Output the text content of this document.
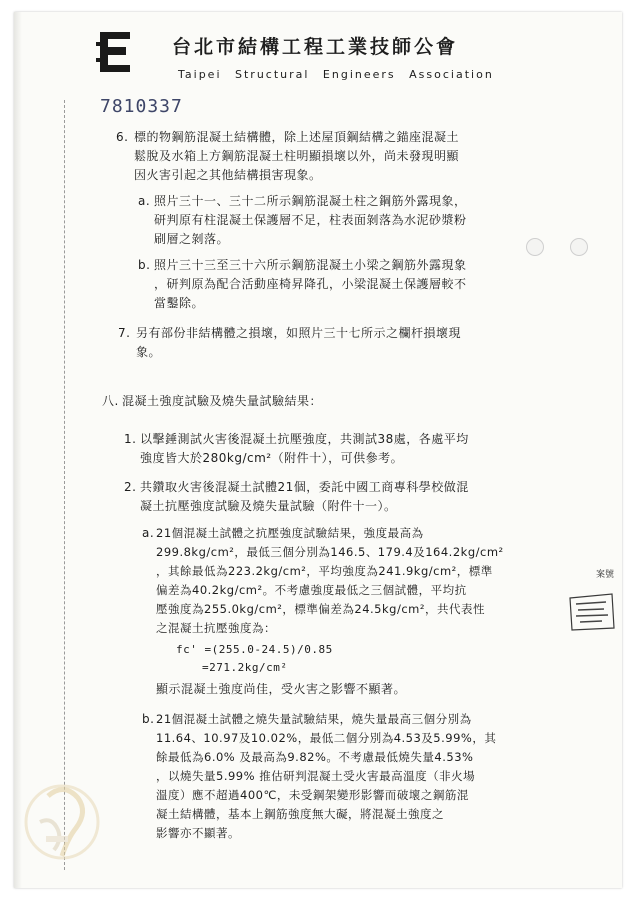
台北市結構工程工業技師公會
Taipei Structural Engineers Association
7810337
6. 標的物鋼筋混凝土結構體，除上述屋頂鋼結構之錨座混凝土
鬆脫及水箱上方鋼筋混凝土柱明顯損壞以外，尚未發現明顯
因火害引起之其他結構損害現象。
a. 照片三十一、三十二所示鋼筋混凝土柱之鋼筋外露現象，
研判原有柱混凝土保護層不足，柱表面剝落為水泥砂漿粉
刷層之剝落。
b. 照片三十三至三十六所示鋼筋混凝土小梁之鋼筋外露現象
，研判原為配合活動座椅昇降孔，小梁混凝土保護層較不
當鑿除。
7. 另有部份非結構體之損壞，如照片三十七所示之欄杆損壞現
象。
八. 混凝土強度試驗及燒失量試驗結果：
1. 以擊錘測試火害後混凝土抗壓強度，共測試38處，各處平均
強度皆大於280kg/cm²（附件十），可供參考。
2. 共鑽取火害後混凝土試體21個，委託中國工商專科學校做混
凝土抗壓強度試驗及燒失量試驗（附件十一）。
a. 21個混凝土試體之抗壓強度試驗結果，強度最高為
299.8kg/cm²，最低三個分別為146.5、179.4及164.2kg/cm²
，其餘最低為223.2kg/cm²，平均強度為241.9kg/cm²，標準
偏差為40.2kg/cm²。不考慮強度最低之三個試體，平均抗
壓強度為255.0kg/cm²，標準偏差為24.5kg/cm²，共代表性
之混凝土抗壓強度為：
fc' =(255.0-24.5)/0.85
=271.2kg/cm²
顯示混凝土強度尚佳，受火害之影響不顯著。
b. 21個混凝土試體之燒失量試驗結果，燒失量最高三個分別為
11.64、10.97及10.02%，最低二個分別為4.53及5.99%，其
餘最低為6.0% 及最高為9.82%。不考慮最低燒失量4.53%
，以燒失量5.99% 推估研判混凝土受火害最高溫度（非火場
溫度）應不超過400℃，未受鋼架變形影響而破壞之鋼筋混
凝土結構體，基本上鋼筋強度無大礙，將混凝土強度之
影響亦不顯著。
案號
